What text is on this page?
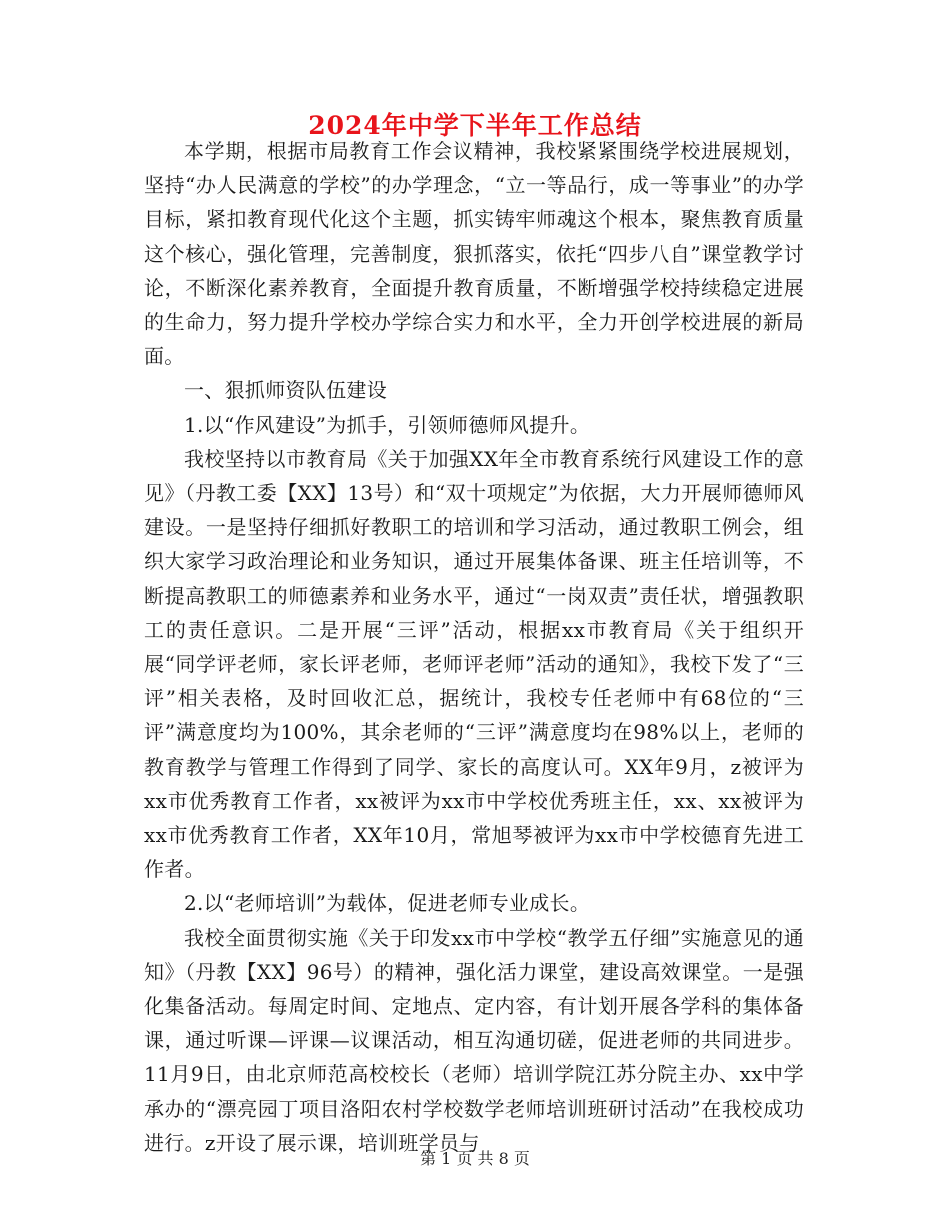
2024年中学下半年工作总结

本学期，根据市局教育工作会议精神，我校紧紧围绕学校进展规划，坚持“办人民满意的学校”的办学理念，“立一等品行，成一等事业”的办学目标，紧扣教育现代化这个主题，抓实铸牢师魂这个根本，聚焦教育质量这个核心，强化管理，完善制度，狠抓落实，依托“四步八自”课堂教学讨论，不断深化素养教育，全面提升教育质量，不断增强学校持续稳定进展的生命力，努力提升学校办学综合实力和水平，全力开创学校进展的新局面。

一、狠抓师资队伍建设

1.以“作风建设”为抓手，引领师德师风提升。

我校坚持以市教育局《关于加强XX年全市教育系统行风建设工作的意见》（丹教工委【XX】13号）和“双十项规定”为依据，大力开展师德师风建设。一是坚持仔细抓好教职工的培训和学习活动，通过教职工例会，组织大家学习政治理论和业务知识，通过开展集体备课、班主任培训等，不断提高教职工的师德素养和业务水平，通过“一岗双责”责任状，增强教职工的责任意识。二是开展“三评”活动，根据xx市教育局《关于组织开展“同学评老师，家长评老师，老师评老师”活动的通知》，我校下发了“三评”相关表格，及时回收汇总，据统计，我校专任老师中有68位的“三评”满意度均为100%，其余老师的“三评”满意度均在98%以上，老师的教育教学与管理工作得到了同学、家长的高度认可。XX年9月，z被评为xx市优秀教育工作者，xx被评为xx市中学校优秀班主任，xx、xx被评为xx市优秀教育工作者，XX年10月，常旭琴被评为xx市中学校德育先进工作者。

2.以“老师培训”为载体，促进老师专业成长。

我校全面贯彻实施《关于印发xx市中学校“教学五仔细”实施意见的通知》（丹教【XX】96号）的精神，强化活力课堂，建设高效课堂。一是强化集备活动。每周定时间、定地点、定内容，有计划开展各学科的集体备课，通过听课—评课—议课活动，相互沟通切磋，促进老师的共同进步。11月9日，由北京师范高校校长（老师）培训学院江苏分院主办、xx中学承办的“漂亮园丁项目洛阳农村学校数学老师培训班研讨活动”在我校成功进行。z开设了展示课，培训班学员与

第 1 页 共 8 页
